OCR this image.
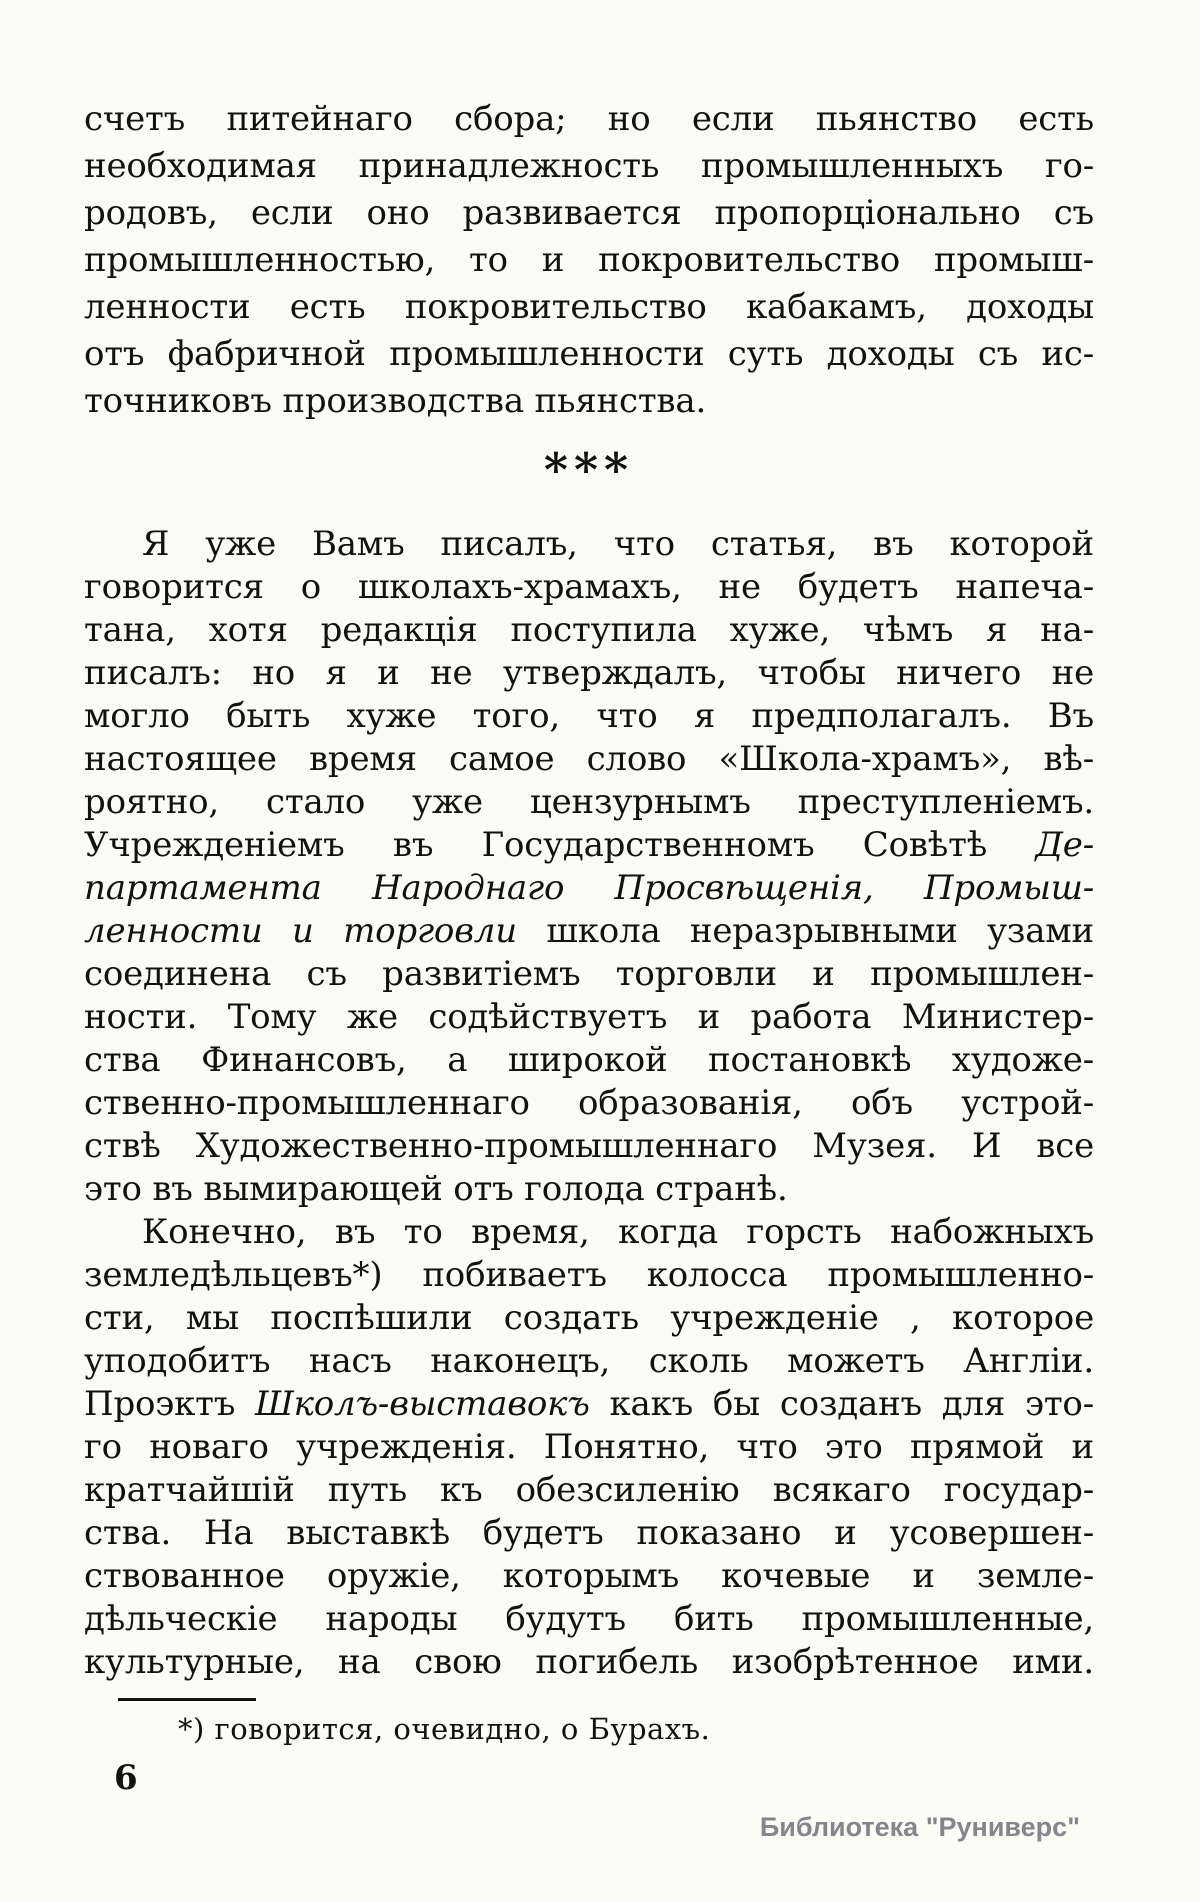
счетъ питейнаго сбора; но если пьянство есть
необходимая принадлежность промышленныхъ го-
родовъ, если оно развивается пропорціонально съ
промышленностью, то и покровительство промыш-
ленности есть покровительство кабакамъ, доходы
отъ фабричной промышленности суть доходы съ ис-
точниковъ производства пьянства.
***
Я уже Вамъ писалъ, что статья, въ которой
говорится о школахъ-храмахъ, не будетъ напеча-
тана, хотя редакція поступила хуже, чѣмъ я на-
писалъ: но я и не утверждалъ, чтобы ничего не
могло быть хуже того, что я предполагалъ. Въ
настоящее время самое слово «Школа-храмъ», вѣ-
роятно, стало уже цензурнымъ преступленіемъ.
Учрежденіемъ въ Государственномъ Совѣтѣ Де-
партамента Народнаго Просвѣщенія, Промыш-
ленности и торговли школа неразрывными узами
соединена съ развитіемъ торговли и промышлен-
ности. Тому же содѣйствуетъ и работа Министер-
ства Финансовъ, а широкой постановкѣ художе-
ственно-промышленнаго образованія, объ устрой-
ствѣ Художественно-промышленнаго Музея. И все
это въ вымирающей отъ голода странѣ.
Конечно, въ то время, когда горсть набожныхъ
земледѣльцевъ*) побиваетъ колосса промышленно-
сти, мы поспѣшили создать учрежденіе , которое
уподобитъ насъ наконецъ, сколь можетъ Англіи.
Проэктъ Школъ-выставокъ какъ бы созданъ для это-
го новаго учрежденія. Понятно, что это прямой и
кратчайшій путь къ обезсиленію всякаго государ-
ства. На выставкѣ будетъ показано и усовершен-
ствованное оружіе, которымъ кочевые и земле-
дѣльческіе народы будутъ бить промышленные,
культурные, на свою погибель изобрѣтенное ими.
*) говорится, очевидно, о Бурахъ.
6
Библиотека "Руниверс"
